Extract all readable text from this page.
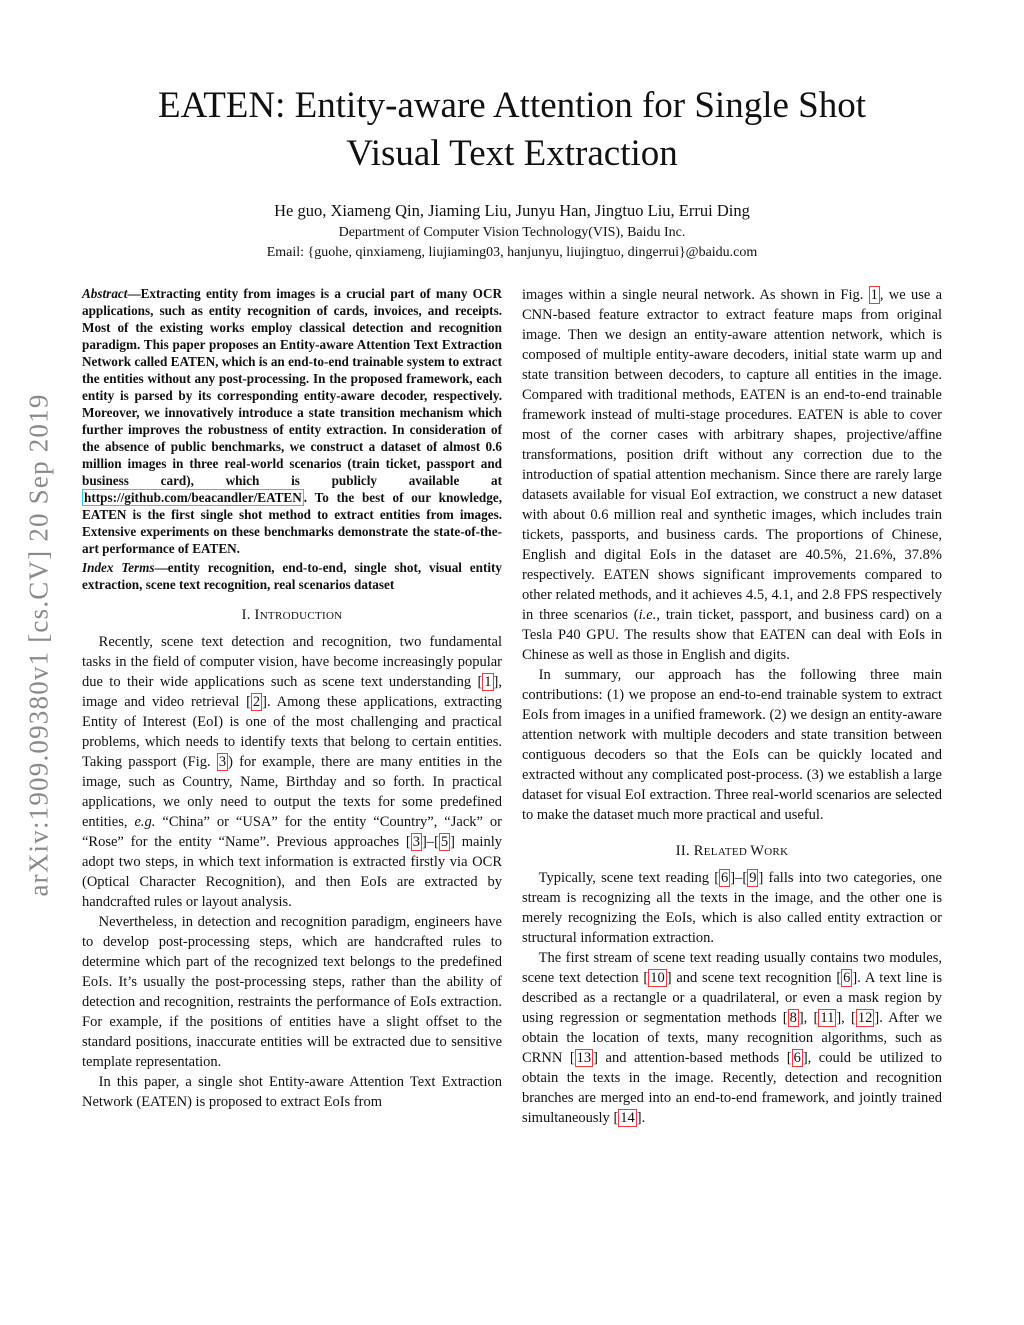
arXiv:1909.09380v1 [cs.CV] 20 Sep 2019
EATEN: Entity-aware Attention for Single Shot
Visual Text Extraction
He guo, Xiameng Qin, Jiaming Liu, Junyu Han, Jingtuo Liu, Errui Ding
Department of Computer Vision Technology(VIS), Baidu Inc.
Email: {guohe, qinxiameng, liujiaming03, hanjunyu, liujingtuo, dingerrui}@baidu.com

Abstract—Extracting entity from images is a crucial part of many OCR applications, such as entity recognition of cards, invoices, and receipts. Most of the existing works employ classical detection and recognition paradigm. This paper proposes an Entity-aware Attention Text Extraction Network called EATEN, which is an end-to-end trainable system to extract the entities without any post-processing. In the proposed framework, each entity is parsed by its corresponding entity-aware decoder, respectively. Moreover, we innovatively introduce a state transition mechanism which further improves the robustness of entity extraction. In consideration of the absence of public benchmarks, we construct a dataset of almost 0.6 million images in three real-world scenarios (train ticket, passport and business card), which is publicly available at https://github.com/beacandler/EATEN . To the best of our knowledge, EATEN is the first single shot method to extract entities from images. Extensive experiments on these benchmarks demonstrate the state-of-the-art performance of EATEN.

Index Terms—entity recognition, end-to-end, single shot, visual entity extraction, scene text recognition, real scenarios dataset

I. INTRODUCTION

Recently, scene text detection and recognition, two fundamental tasks in the field of computer vision, have become increasingly popular due to their wide applications such as scene text understanding [ 1 ], image and video retrieval [ 2 ]. Among these applications, extracting Entity of Interest (EoI) is one of the most challenging and practical problems, which needs to identify texts that belong to certain entities. Taking passport (Fig. 3 ) for example, there are many entities in the image, such as Country, Name, Birthday and so forth. In practical applications, we only need to output the texts for some predefined entities, e.g. “China” or “USA” for the entity “Country”, “Jack” or “Rose” for the entity “Name”. Previous approaches [ 3 ]–[ 5 ] mainly adopt two steps, in which text information is extracted firstly via OCR (Optical Character Recognition), and then EoIs are extracted by handcrafted rules or layout analysis.

Nevertheless, in detection and recognition paradigm, engineers have to develop post-processing steps, which are handcrafted rules to determine which part of the recognized text belongs to the predefined EoIs. It’s usually the post-processing steps, rather than the ability of detection and recognition, restraints the performance of EoIs extraction. For example, if the positions of entities have a slight offset to the standard positions, inaccurate entities will be extracted due to sensitive template representation.

In this paper, a single shot Entity-aware Attention Text Extraction Network (EATEN) is proposed to extract EoIs from

images within a single neural network. As shown in Fig. 1 , we use a CNN-based feature extractor to extract feature maps from original image. Then we design an entity-aware attention network, which is composed of multiple entity-aware decoders, initial state warm up and state transition between decoders, to capture all entities in the image. Compared with traditional methods, EATEN is an end-to-end trainable framework instead of multi-stage procedures. EATEN is able to cover most of the corner cases with arbitrary shapes, projective/affine transformations, position drift without any correction due to the introduction of spatial attention mechanism. Since there are rarely large datasets available for visual EoI extraction, we construct a new dataset with about 0.6 million real and synthetic images, which includes train tickets, passports, and business cards. The proportions of Chinese, English and digital EoIs in the dataset are 40.5%, 21.6%, 37.8% respectively. EATEN shows significant improvements compared to other related methods, and it achieves 4.5, 4.1, and 2.8 FPS respectively in three scenarios (i.e., train ticket, passport, and business card) on a Tesla P40 GPU. The results show that EATEN can deal with EoIs in Chinese as well as those in English and digits.

In summary, our approach has the following three main contributions: (1) we propose an end-to-end trainable system to extract EoIs from images in a unified framework. (2) we design an entity-aware attention network with multiple decoders and state transition between contiguous decoders so that the EoIs can be quickly located and extracted without any complicated post-process. (3) we establish a large dataset for visual EoI extraction. Three real-world scenarios are selected to make the dataset much more practical and useful.

II. RELATED WORK

Typically, scene text reading [ 6 ]–[ 9 ] falls into two categories, one stream is recognizing all the texts in the image, and the other one is merely recognizing the EoIs, which is also called entity extraction or structural information extraction.

The first stream of scene text reading usually contains two modules, scene text detection [ 10 ] and scene text recognition [ 6 ]. A text line is described as a rectangle or a quadrilateral, or even a mask region by using regression or segmentation methods [ 8 ], [ 11 ], [ 12 ]. After we obtain the location of texts, many recognition algorithms, such as CRNN [ 13 ] and attention-based methods [ 6 ], could be utilized to obtain the texts in the image. Recently, detection and recognition branches are merged into an end-to-end framework, and jointly trained simultaneously [ 14 ].
